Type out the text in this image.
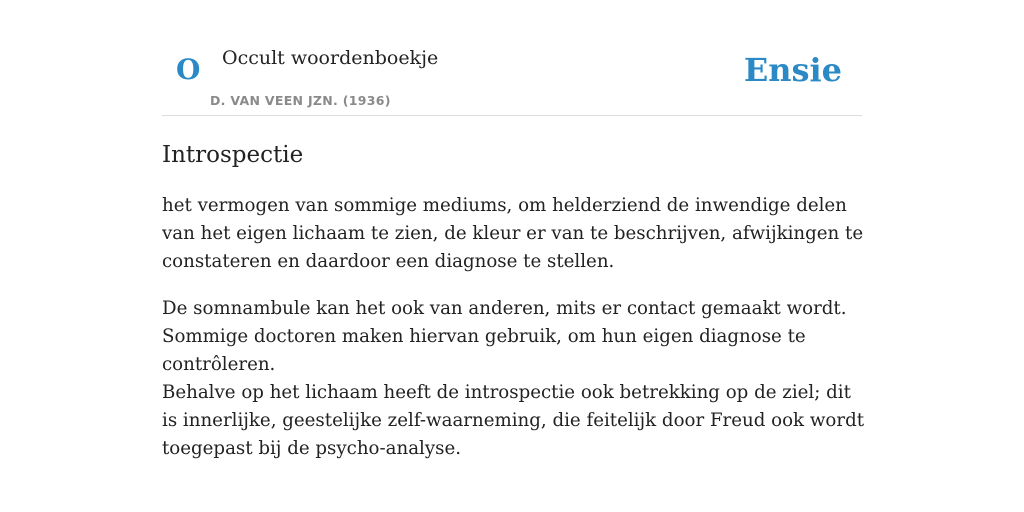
O Occult woordenboekje
D. VAN VEEN JZN. (1936)
Ensie
Introspectie

het vermogen van sommige mediums, om helderziend de inwendige delen van het eigen lichaam te zien, de kleur er van te beschrijven, afwijkingen te constateren en daardoor een diagnose te stellen.

De somnambule kan het ook van anderen, mits er contact gemaakt wordt. Sommige doctoren maken hiervan gebruik, om hun eigen diagnose te contrôleren.

Behalve op het lichaam heeft de introspectie ook betrekking op de ziel; dit is innerlijke, geestelijke zelf-waarneming, die feitelijk door Freud ook wordt toegepast bij de psycho-analyse.
